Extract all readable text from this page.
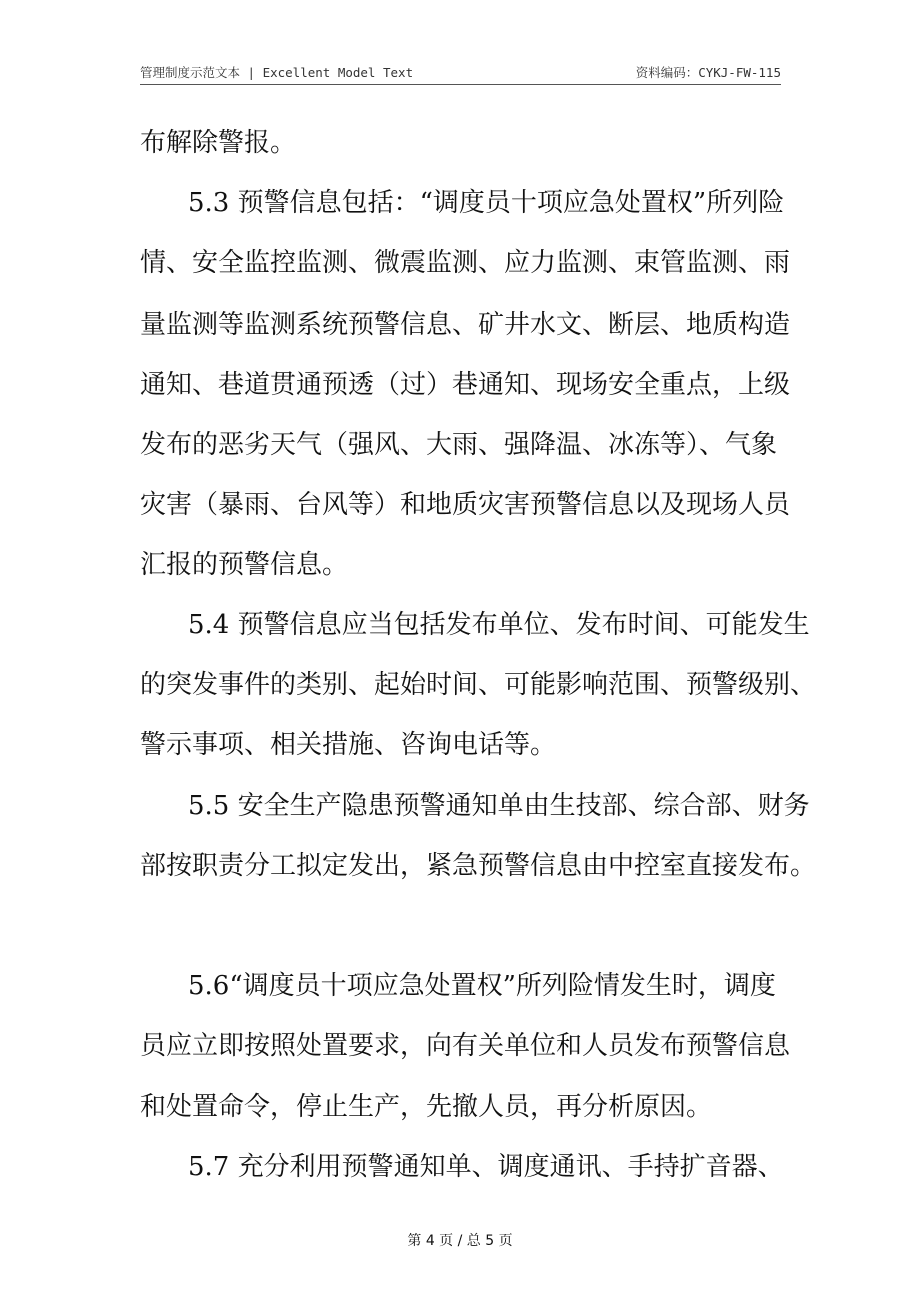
管理制度示范文本 | Excellent Model Text	资料编码：CYKJ-FW-115
布解除警报。
5.3 预警信息包括：“调度员十项应急处置权”所列险
情、安全监控监测、微震监测、应力监测、束管监测、雨
量监测等监测系统预警信息、矿井水文、断层、地质构造
通知、巷道贯通预透（过）巷通知、现场安全重点，上级
发布的恶劣天气（强风、大雨、强降温、冰冻等）、气象
灾害（暴雨、台风等）和地质灾害预警信息以及现场人员
汇报的预警信息。
5.4 预警信息应当包括发布单位、发布时间、可能发生
的突发事件的类别、起始时间、可能影响范围、预警级别、
警示事项、相关措施、咨询电话等。
5.5 安全生产隐患预警通知单由生技部、综合部、财务
部按职责分工拟定发出，紧急预警信息由中控室直接发布。
5.6“调度员十项应急处置权”所列险情发生时，调度
员应立即按照处置要求，向有关单位和人员发布预警信息
和处置命令，停止生产，先撤人员，再分析原因。
5.7 充分利用预警通知单、调度通讯、手持扩音器、
第 4 页 / 总 5 页
